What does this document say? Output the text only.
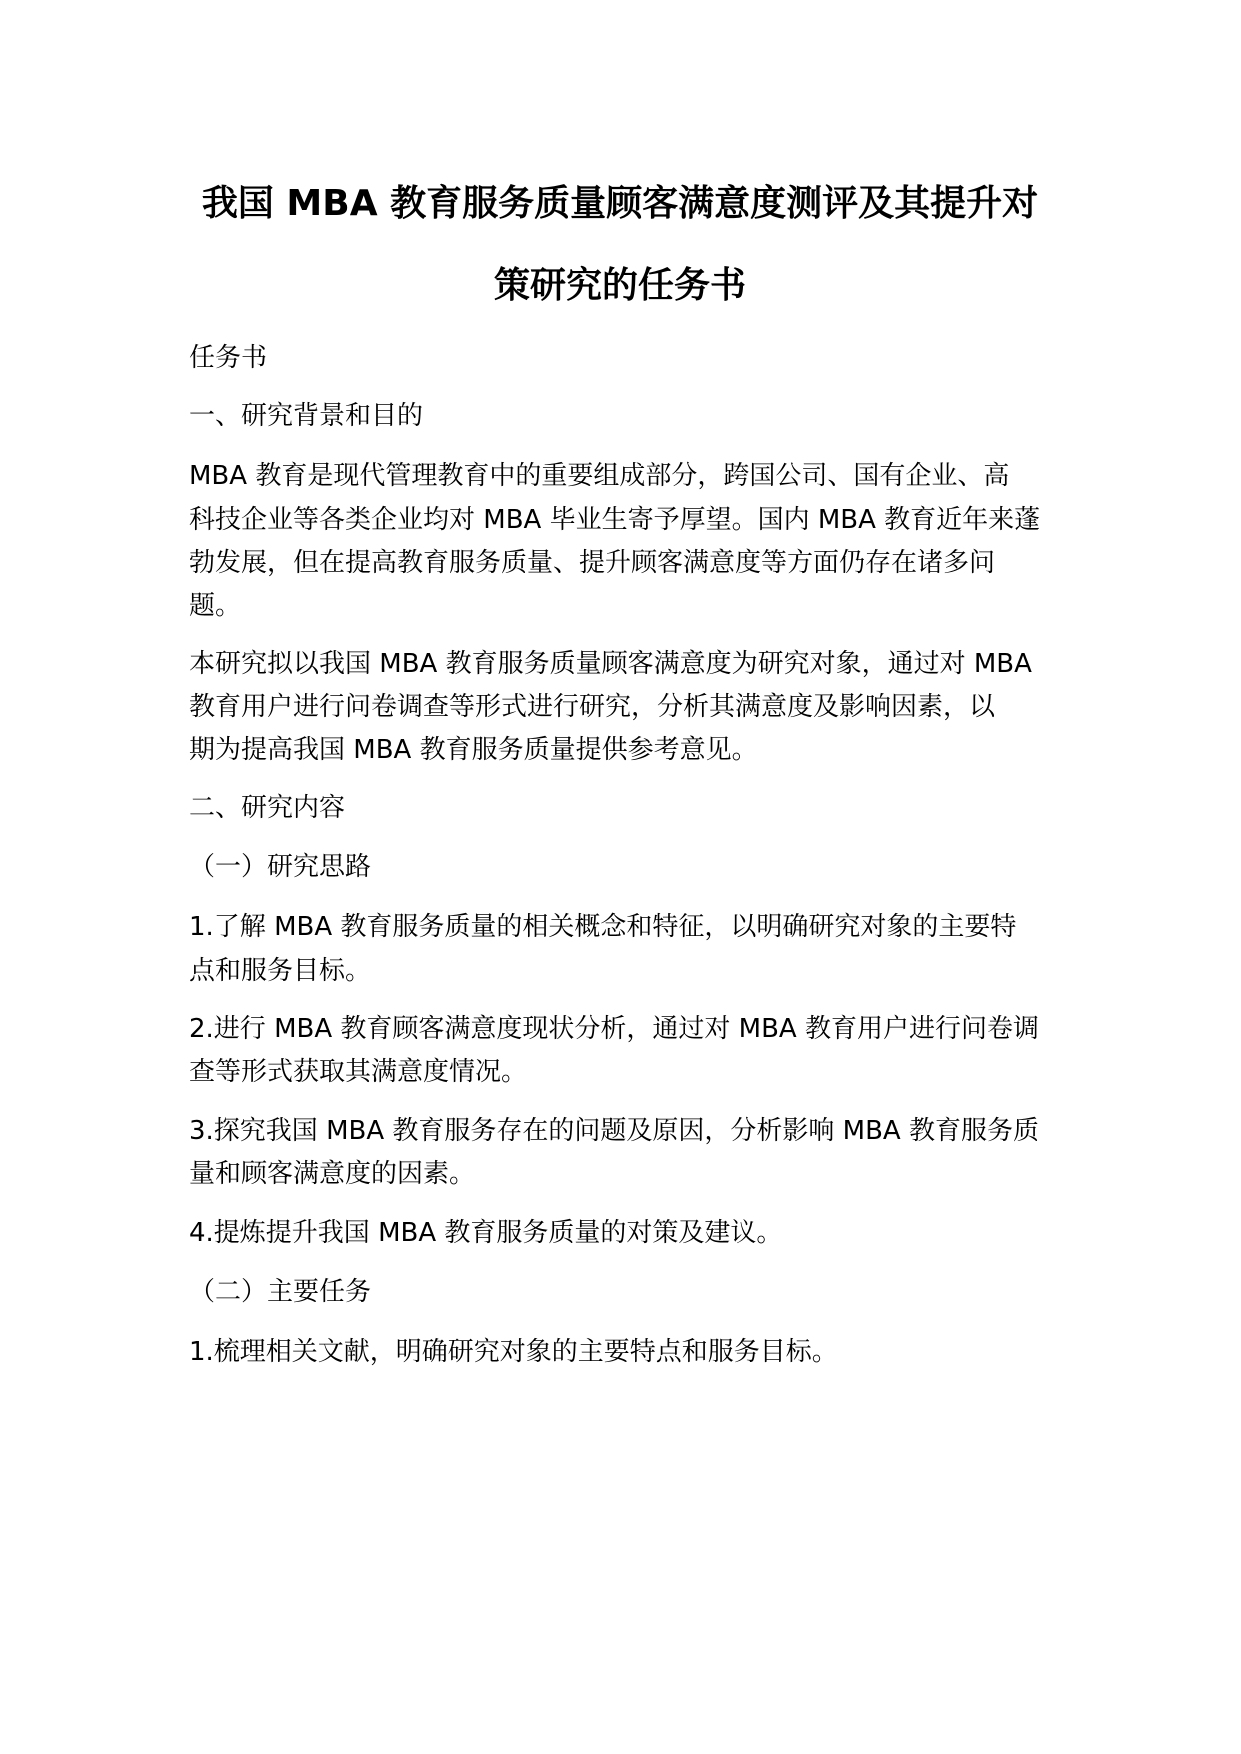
我国 MBA 教育服务质量顾客满意度测评及其提升对
策研究的任务书

任务书

一、研究背景和目的

MBA 教育是现代管理教育中的重要组成部分，跨国公司、国有企业、高

科技企业等各类企业均对 MBA 毕业生寄予厚望。国内 MBA 教育近年来蓬

勃发展，但在提高教育服务质量、提升顾客满意度等方面仍存在诸多问

题。

本研究拟以我国 MBA 教育服务质量顾客满意度为研究对象，通过对 MBA

教育用户进行问卷调查等形式进行研究，分析其满意度及影响因素，以

期为提高我国 MBA 教育服务质量提供参考意见。

二、研究内容

（一）研究思路

1.了解 MBA 教育服务质量的相关概念和特征，以明确研究对象的主要特

点和服务目标。

2.进行 MBA 教育顾客满意度现状分析，通过对 MBA 教育用户进行问卷调

查等形式获取其满意度情况。

3.探究我国 MBA 教育服务存在的问题及原因，分析影响 MBA 教育服务质

量和顾客满意度的因素。

4.提炼提升我国 MBA 教育服务质量的对策及建议。

（二）主要任务

1.梳理相关文献，明确研究对象的主要特点和服务目标。
